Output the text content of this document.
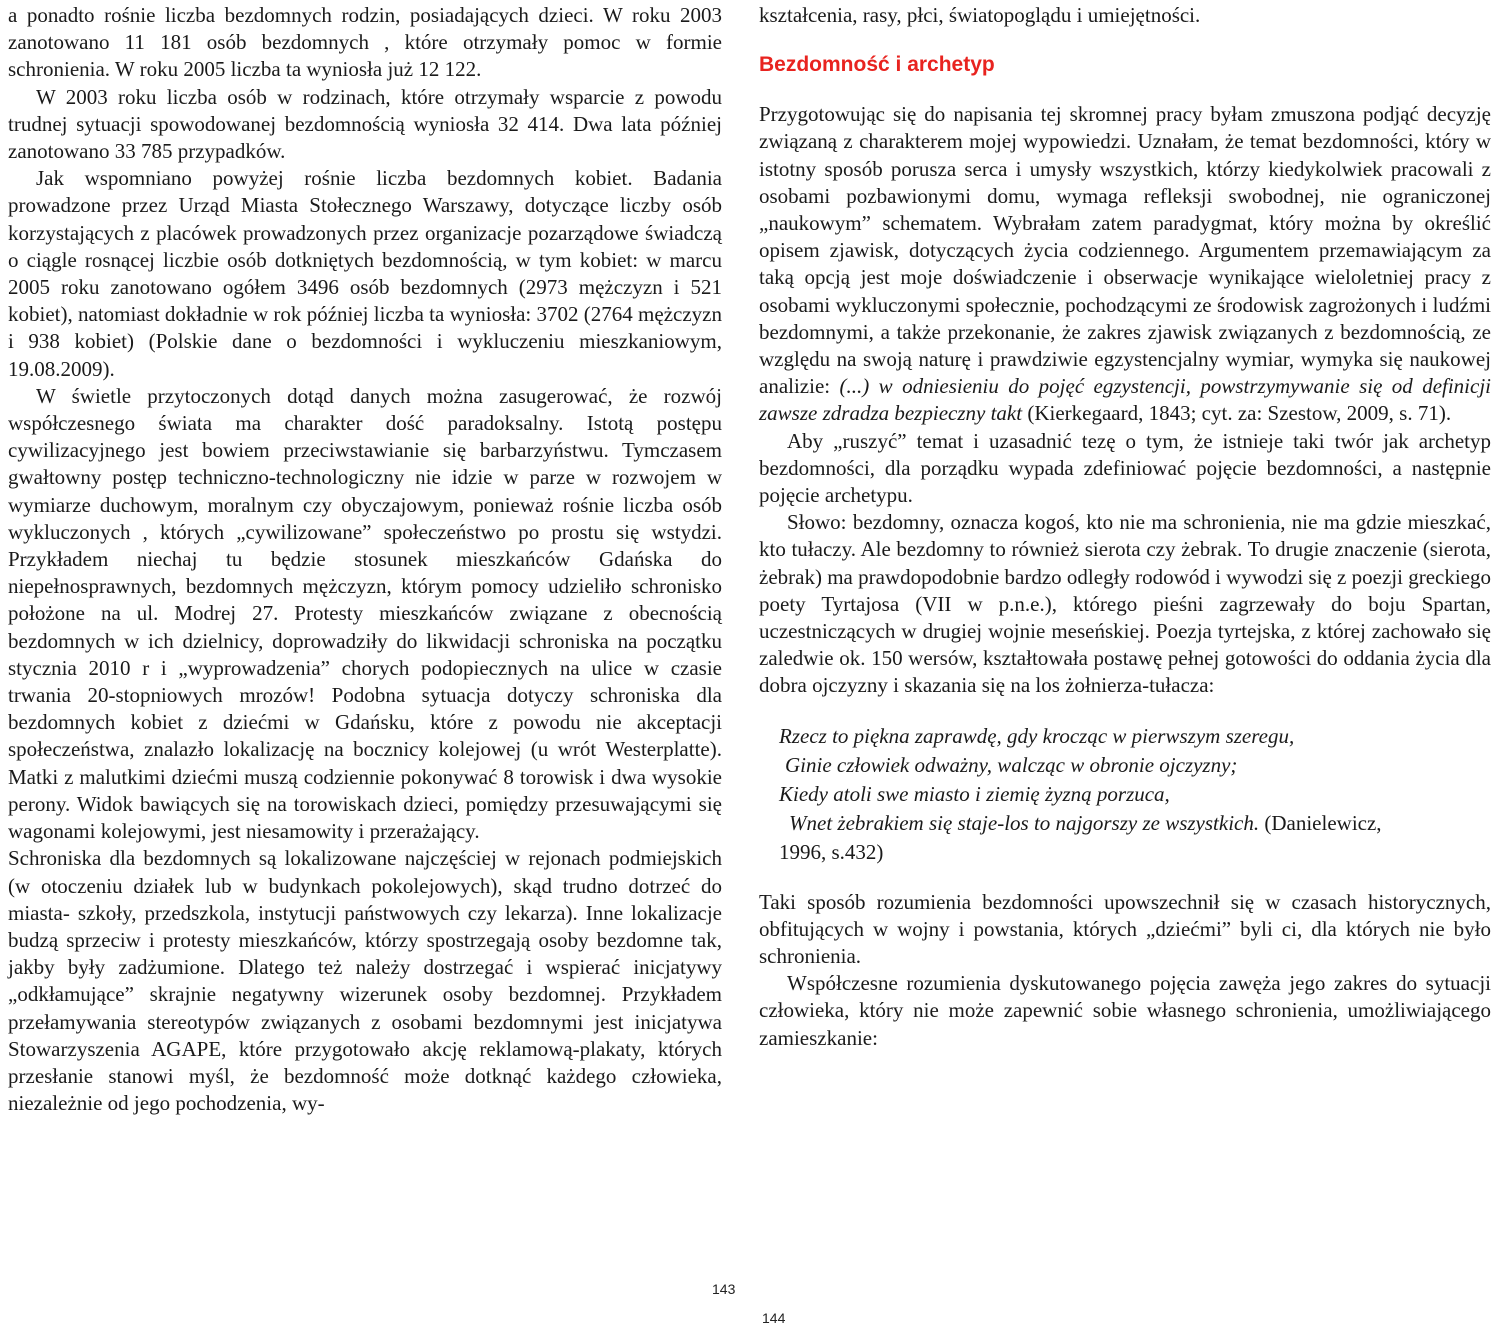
a ponadto rośnie liczba bezdomnych rodzin, posiadających dzieci. W roku 2003 zanotowano 11 181 osób bezdomnych , które otrzymały pomoc w formie schronienia. W roku 2005 liczba ta wyniosła już 12 122.

W 2003 roku liczba osób w rodzinach, które otrzymały wsparcie z powodu trudnej sytuacji spowodowanej bezdomnością wyniosła 32 414. Dwa lata później zanotowano 33 785 przypadków.

Jak wspomniano powyżej rośnie liczba bezdomnych kobiet. Badania prowadzone przez Urząd Miasta Stołecznego Warszawy, dotyczące liczby osób korzystających z placówek prowadzonych przez organizacje pozarządowe świadczą o ciągle rosnącej liczbie osób dotkniętych bezdomnością, w tym kobiet: w marcu 2005 roku zanotowano ogółem 3496 osób bezdomnych (2973 mężczyzn i 521 kobiet), natomiast dokładnie w rok później liczba ta wyniosła: 3702 (2764 mężczyzn i 938 kobiet) (Polskie dane o bezdomności i wykluczeniu mieszkaniowym, 19.08.2009).

W świetle przytoczonych dotąd danych można zasugerować, że rozwój współczesnego świata ma charakter dość paradoksalny. Istotą postępu cywilizacyjnego jest bowiem przeciwstawianie się barbarzyństwu. Tymczasem gwałtowny postęp techniczno-technologiczny nie idzie w parze w rozwojem w wymiarze duchowym, moralnym czy obyczajowym, ponieważ rośnie liczba osób wykluczonych , których „cywilizowane” społeczeństwo po prostu się wstydzi. Przykładem niechaj tu będzie stosunek mieszkańców Gdańska do niepełnosprawnych, bezdomnych mężczyzn, którym pomocy udzieliło schronisko położone na ul. Modrej 27. Protesty mieszkańców związane z obecnością bezdomnych w ich dzielnicy, doprowadziły do likwidacji schroniska na początku stycznia 2010 r i „wyprowadzenia” chorych podopiecznych na ulice w czasie trwania 20-stopniowych mrozów! Podobna sytuacja dotyczy schroniska dla bezdomnych kobiet z dziećmi w Gdańsku, które z powodu nie akceptacji społeczeństwa, znalazło lokalizację na bocznicy kolejowej (u wrót Westerplatte). Matki z malutkimi dziećmi muszą codziennie pokonywać 8 torowisk i dwa wysokie perony. Widok bawiących się na torowiskach dzieci, pomiędzy przesuwającymi się wagonami kolejowymi, jest niesamowity i przerażający.

Schroniska dla bezdomnych są lokalizowane najczęściej w rejonach podmiejskich (w otoczeniu działek lub w budynkach pokolejowych), skąd trudno dotrzeć do miasta- szkoły, przedszkola, instytucji państwowych czy lekarza). Inne lokalizacje budzą sprzeciw i protesty mieszkańców, którzy spostrzegają osoby bezdomne tak, jakby były zadżumione. Dlatego też należy dostrzegać i wspierać inicjatywy „odkłamujące” skrajnie negatywny wizerunek osoby bezdomnej. Przykładem przełamywania stereotypów związanych z osobami bezdomnymi jest inicjatywa Stowarzyszenia AGAPE, które przygotowało akcję reklamową-plakaty, których przesłanie stanowi myśl, że bezdomność może dotknąć każdego człowieka, niezależnie od jego pochodzenia, wy-

kształcenia, rasy, płci, światopoglądu i umiejętności.

Bezdomność i archetyp

Przygotowując się do napisania tej skromnej pracy byłam zmuszona podjąć decyzję związaną z charakterem mojej wypowiedzi. Uznałam, że temat bezdomności, który w istotny sposób porusza serca i umysły wszystkich, którzy kiedykolwiek pracowali z osobami pozbawionymi domu, wymaga refleksji swobodnej, nie ograniczonej „naukowym” schematem. Wybrałam zatem paradygmat, który można by określić opisem zjawisk, dotyczących życia codziennego. Argumentem przemawiającym za taką opcją jest moje doświadczenie i obserwacje wynikające wieloletniej pracy z osobami wykluczonymi społecznie, pochodzącymi ze środowisk zagrożonych i ludźmi bezdomnymi, a także przekonanie, że zakres zjawisk związanych z bezdomnością, ze względu na swoją naturę i prawdziwie egzystencjalny wymiar, wymyka się naukowej analizie: (...) w odniesieniu do pojęć egzystencji, powstrzymywanie się od definicji zawsze zdradza bezpieczny takt (Kierkegaard, 1843; cyt. za: Szestow, 2009, s. 71).

Aby „ruszyć” temat i uzasadnić tezę o tym, że istnieje taki twór jak archetyp bezdomności, dla porządku wypada zdefiniować pojęcie bezdomności, a następnie pojęcie archetypu.

Słowo: bezdomny, oznacza kogoś, kto nie ma schronienia, nie ma gdzie mieszkać, kto tułaczy. Ale bezdomny to również sierota czy żebrak. To drugie znaczenie (sierota, żebrak) ma prawdopodobnie bardzo odległy rodowód i wywodzi się z poezji greckiego poety Tyrtajosa (VII w p.n.e.), którego pieśni zagrzewały do boju Spartan, uczestniczących w drugiej wojnie meseńskiej. Poezja tyrtejska, z której zachowało się zaledwie ok. 150 wersów, kształtowała postawę pełnej gotowości do oddania życia dla dobra ojczyzny i skazania się na los żołnierza-tułacza:

Rzecz to piękna zaprawdę, gdy krocząc w pierwszym szeregu,
Ginie człowiek odważny, walcząc w obronie ojczyzny;
Kiedy atoli swe miasto i ziemię żyzną porzuca,
Wnet żebrakiem się staje-los to najgorszy ze wszystkich. (Danielewicz,
1996, s.432)

Taki sposób rozumienia bezdomności upowszechnił się w czasach historycznych, obfitujących w wojny i powstania, których „dziećmi” byli ci, dla których nie było schronienia.

Współczesne rozumienia dyskutowanego pojęcia zawęża jego zakres do sytuacji człowieka, który nie może zapewnić sobie własnego schronienia, umożliwiającego zamieszkanie:

143
144
